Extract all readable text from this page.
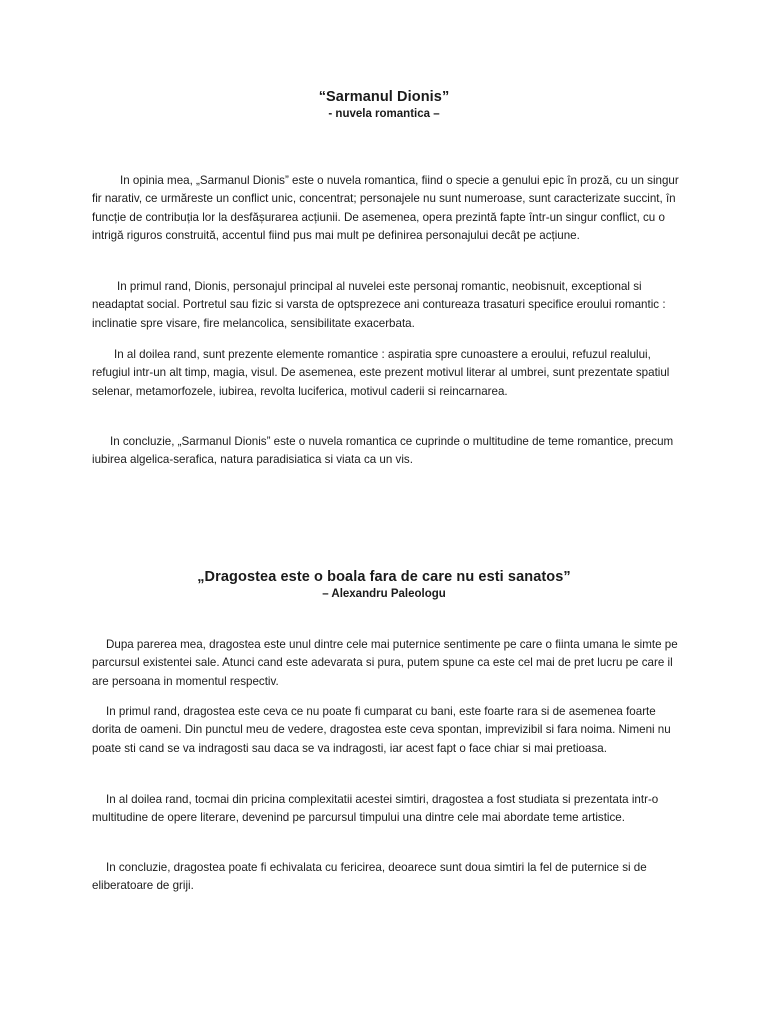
“Sarmanul Dionis”
- nuvela romantica –

In opinia mea, „Sarmanul Dionis” este o nuvela romantica, fiind o specie a genului epic în proză, cu un singur fir narativ, ce urmăreste un conflict unic, concentrat; personajele nu sunt numeroase, sunt caracterizate succint, în funcție de contribuția lor la desfășurarea acțiunii. De asemenea, opera prezintă fapte într-un singur conflict, cu o intrigă riguros construită, accentul fiind pus mai mult pe definirea personajului decât pe acțiune.

In primul rand, Dionis, personajul principal al nuvelei este personaj romantic, neobisnuit, exceptional si neadaptat social. Portretul sau fizic si varsta de optsprezece ani contureaza trasaturi specifice eroului romantic : inclinatie spre visare, fire melancolica, sensibilitate exacerbata.

In al doilea rand, sunt prezente elemente romantice : aspiratia spre cunoastere a eroului, refuzul realului, refugiul intr-un alt timp, magia, visul. De asemenea, este prezent motivul literar al umbrei, sunt prezentate spatiul selenar, metamorfozele, iubirea, revolta luciferica, motivul caderii si reincarnarea.

In concluzie, „Sarmanul Dionis” este o nuvela romantica ce cuprinde o multitudine de teme romantice, precum iubirea algelica-serafica, natura paradisiatica si viata ca un vis.

„Dragostea este o boala fara de care nu esti sanatos”
– Alexandru Paleologu

Dupa parerea mea, dragostea este unul dintre cele mai puternice sentimente pe care o fiinta umana le simte pe parcursul existentei sale. Atunci cand este adevarata si pura, putem spune ca este cel mai de pret lucru pe care il are persoana in momentul respectiv.

In primul rand, dragostea este ceva ce nu poate fi cumparat cu bani, este foarte rara si de asemenea foarte dorita de oameni. Din punctul meu de vedere, dragostea este ceva spontan, imprevizibil si fara noima. Nimeni nu poate sti cand se va indragosti sau daca se va indragosti, iar acest fapt o face chiar si mai pretioasa.

In al doilea rand, tocmai din pricina complexitatii acestei simtiri, dragostea a fost studiata si prezentata intr-o multitudine de opere literare, devenind pe parcursul timpului una dintre cele mai abordate teme artistice.

In concluzie, dragostea poate fi echivalata cu fericirea, deoarece sunt doua simtiri la fel de puternice si de eliberatoare de griji.
